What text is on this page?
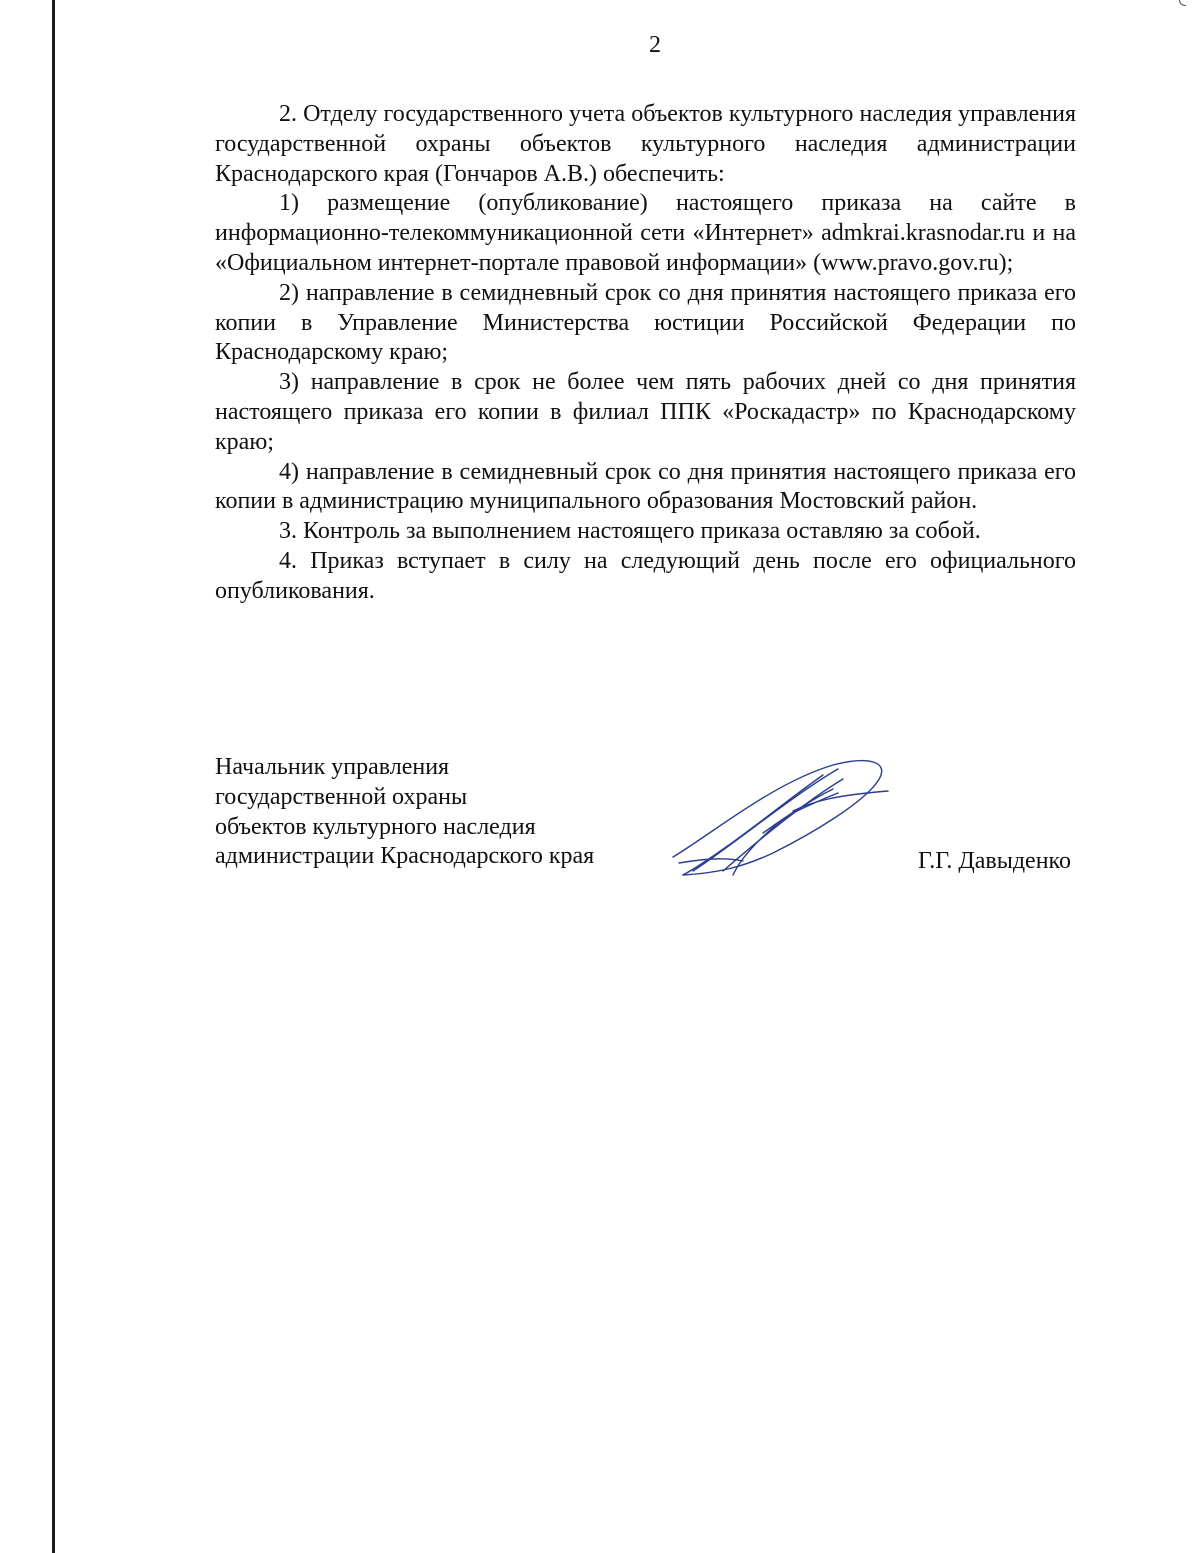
2

2. Отделу государственного учета объектов культурного наследия управления государственной охраны объектов культурного наследия администрации Краснодарского края (Гончаров А.В.) обеспечить:

1) размещение (опубликование) настоящего приказа на сайте в информационно-телекоммуникационной сети «Интернет» admkrai.krasnodar.ru и на «Официальном интернет-портале правовой информации» (www.pravo.gov.ru);

2) направление в семидневный срок со дня принятия настоящего приказа его копии в Управление Министерства юстиции Российской Федерации по Краснодарскому краю;

3) направление в срок не более чем пять рабочих дней со дня принятия настоящего приказа его копии в филиал ППК «Роскадастр» по Краснодарскому краю;

4) направление в семидневный срок со дня принятия настоящего приказа его копии в администрацию муниципального образования Мостовский район.

3. Контроль за выполнением настоящего приказа оставляю за собой.

4. Приказ вступает в силу на следующий день после его официального опубликования.

Начальник управления
государственной охраны
объектов культурного наследия
администрации Краснодарского края	Г.Г. Давыденко
